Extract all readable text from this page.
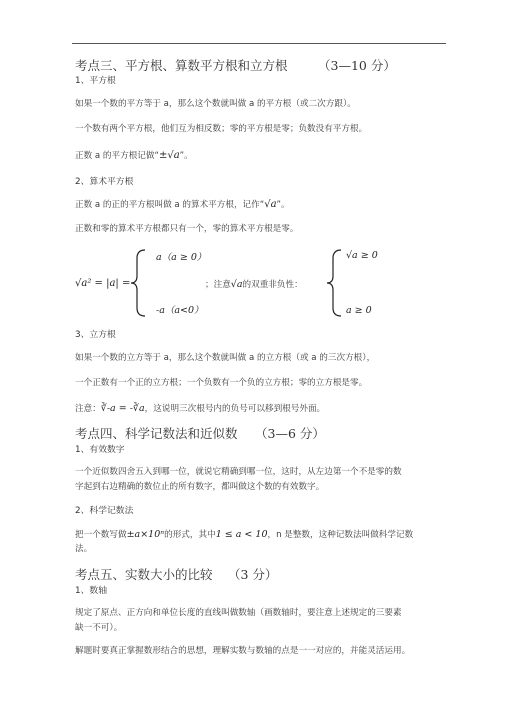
考点三、平方根、算数平方根和立方根 （3—10 分）
1、平方根
如果一个数的平方等于 a，那么这个数就叫做 a 的平方根（或二次方跟）。
一个数有两个平方根，他们互为相反数；零的平方根是零；负数没有平方根。
正数 a 的平方根记做“±√a”。
2、算术平方根
正数 a 的正的平方根叫做 a 的算术平方根，记作“√a”。
正数和零的算术平方根都只有一个，零的算术平方根是零。
√a² = |a| =
a（a ≥ 0）
-a（a<0）
；注意√a的双重非负性：
√a ≥ 0
a ≥ 0
3、立方根
如果一个数的立方等于 a，那么这个数就叫做 a 的立方根（或 a 的三次方根），
一个正数有一个正的立方根；一个负数有一个负的立方根；零的立方根是零。
注意：∛-a = -∛a，这说明三次根号内的负号可以移到根号外面。
考点四、科学记数法和近似数 （3—6 分）
1、有效数字
一个近似数四舍五入到哪一位，就说它精确到哪一位，这时，从左边第一个不是零的数
字起到右边精确的数位止的所有数字，都叫做这个数的有效数字。
2、科学记数法
把一个数写做±a×10ⁿ的形式，其中1 ≤ a < 10，n 是整数，这种记数法叫做科学记数
法。
考点五、实数大小的比较 （3 分）
1、数轴
规定了原点、正方向和单位长度的直线叫做数轴（画数轴时，要注意上述规定的三要素
缺一不可）。
解题时要真正掌握数形结合的思想，理解实数与数轴的点是一一对应的，并能灵活运用。
